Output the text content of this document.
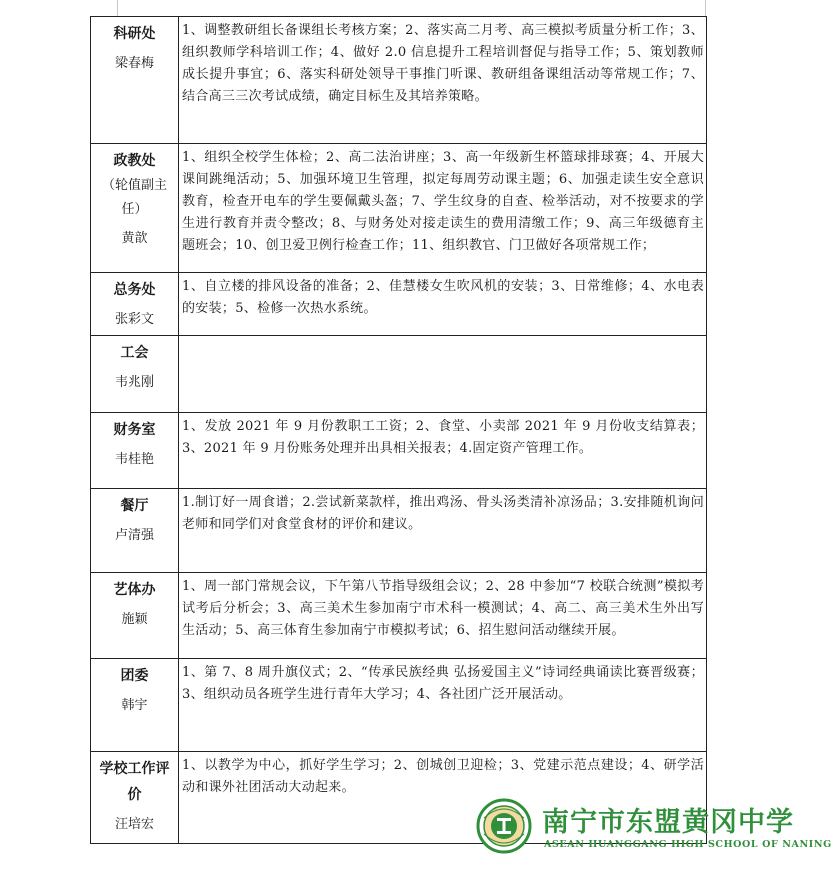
科研处
梁春梅	1、调整教研组长备课组长考核方案；2、落实高二月考、高三模拟考质量分析工作；3、组织教师学科培训工作；4、做好 2.0 信息提升工程培训督促与指导工作；5、策划教师成长提升事宜；6、落实科研处领导干事推门听课、教研组备课组活动等常规工作；7、结合高三三次考试成绩，确定目标生及其培养策略。

政教处
（轮值副主任）
黄歆	1、组织全校学生体检；2、高二法治讲座；3、高一年级新生杯篮球排球赛；4、开展大课间跳绳活动；5、加强环境卫生管理，拟定每周劳动课主题；6、加强走读生安全意识教育，检查开电车的学生要佩戴头盔；7、学生纹身的自查、检举活动，对不按要求的学生进行教育并责令整改；8、与财务处对接走读生的费用清缴工作；9、高三年级德育主题班会；10、创卫爱卫例行检查工作；11、组织教官、门卫做好各项常规工作；

总务处
张彩文	1、自立楼的排风设备的准备；2、佳慧楼女生吹风机的安装；3、日常维修；4、水电表的安装；5、检修一次热水系统。

工会
韦兆刚	

财务室
韦桂艳	1、发放 2021 年 9 月份教职工工资；2、食堂、小卖部 2021 年 9 月份收支结算表；3、2021 年 9 月份账务处理并出具相关报表；4.固定资产管理工作。

餐厅
卢清强	1.制订好一周食谱；2.尝试新菜款样，推出鸡汤、骨头汤类清补凉汤品；3.安排随机询问老师和同学们对食堂食材的评价和建议。

艺体办
施颖	1、周一部门常规会议，下午第八节指导级组会议；2、28 中参加“7 校联合统测”模拟考试考后分析会；3、高三美术生参加南宁市术科一模测试；4、高二、高三美术生外出写生活动；5、高三体育生参加南宁市模拟考试；6、招生慰问活动继续开展。

团委
韩宇	1、第 7、8 周升旗仪式；2、“传承民族经典 弘扬爱国主义”诗词经典诵读比赛晋级赛；3、组织动员各班学生进行青年大学习；4、各社团广泛开展活动。

学校工作评价
汪培宏	1、以教学为中心，抓好学生学习；2、创城创卫迎检；3、党建示范点建设；4、研学活动和课外社团活动大动起来。
南宁市东盟黄冈中学
ASEAN HUANGGANG HIGH SCHOOL OF NANING
